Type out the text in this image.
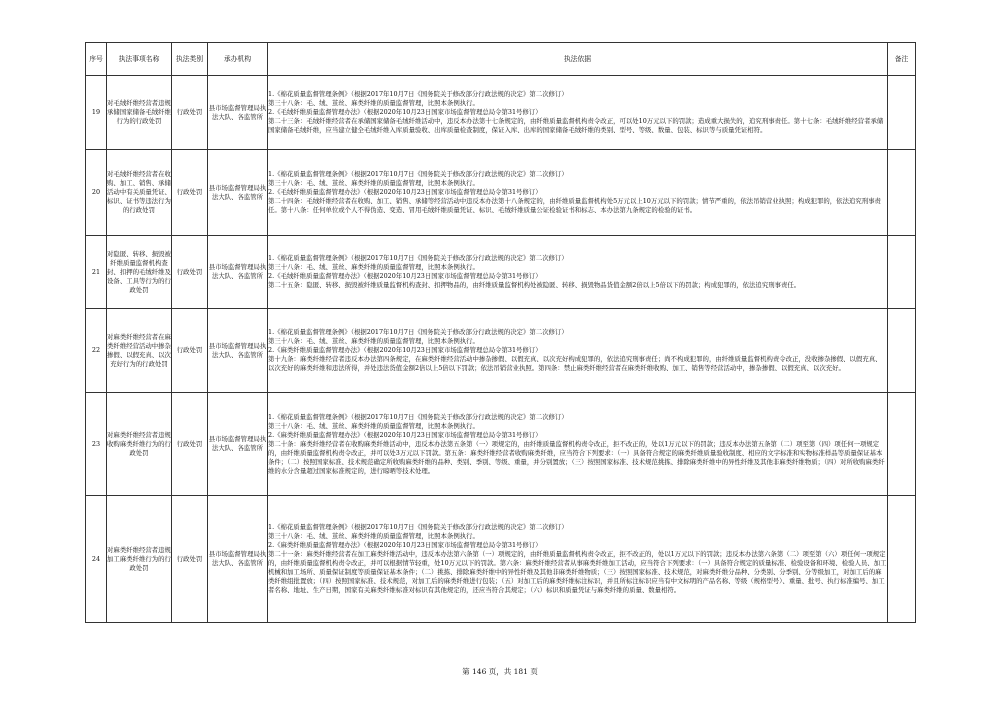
序号	执法事项名称	执法类别	承办机构	执法依据	备注
19	对毛绒纤维经营者违规承储国家储备毛绒纤维行为的行政处罚	行政处罚	县市场监督管理局执法大队、各监管所	1.《棉花质量监督管理条例》（根据2017年10月7日《国务院关于修改部分行政法规的决定》第二次修订）
第三十八条：毛、绒、茧丝、麻类纤维的质量监督管理，比照本条例执行。
2.《毛绒纤维质量监督管理办法》（根据2020年10月23日国家市场监督管理总局令第31号修订）
第二十三条：毛绒纤维经营者在承储国家储备毛绒纤维活动中，违反本办法第十七条规定的，由纤维质量监督机构责令改正，可以处10万元以下的罚款；造成重大损失的，追究刑事责任。第十七条：毛绒纤维经营者承储国家储备毛绒纤维，应当建立健全毛绒纤维入库质量验收、出库质量检查制度，保证入库、出库的国家储备毛绒纤维的类别、型号、等级、数量、包装、标识等与质量凭证相符。	

20	对毛绒纤维经营者在收购、加工、销售、承储活动中有关质量凭证、标识、证书等违法行为的行政处罚	行政处罚	县市场监督管理局执法大队、各监管所	1.《棉花质量监督管理条例》（根据2017年10月7日《国务院关于修改部分行政法规的决定》第二次修订）
第三十八条：毛、绒、茧丝、麻类纤维的质量监督管理，比照本条例执行。
2.《毛绒纤维质量监督管理办法》（根据2020年10月23日国家市场监督管理总局令第31号修订）
第二十四条：毛绒纤维经营者在收购、加工、销售、承储等经营活动中违反本办法第十八条规定的，由纤维质量监督机构处5万元以上10万元以下的罚款；情节严重的，依法吊销营业执照；构成犯罪的，依法追究刑事责任。第十八条：任何单位或个人不得伪造、变造、冒用毛绒纤维质量凭证、标识、毛绒纤维质量公证检验证书和标志、本办法第九条规定的检验的证书。	

21	对隐匿、转移、损毁被纤维质量监督机构查封、扣押的毛绒纤维及设备、工具等行为的行政处罚	行政处罚	县市场监督管理局执法大队、各监管所	1.《棉花质量监督管理条例》（根据2017年10月7日《国务院关于修改部分行政法规的决定》第二次修订）
第三十八条：毛、绒、茧丝、麻类纤维的质量监督管理，比照本条例执行。
2.《毛绒纤维质量监督管理办法》（根据2020年10月23日国家市场监督管理总局令第31号修订）
第二十五条：隐匿、转移、损毁被纤维质量监督机构查封、扣押物品的，由纤维质量监督机构处被隐匿、转移、损毁物品货值金额2倍以上5倍以下的罚款；构成犯罪的，依法追究刑事责任。	

22	对麻类纤维经营者在麻类纤维经营活动中掺杂掺假、以假充真、以次充好行为的行政处罚	行政处罚	县市场监督管理局执法大队、各监管所	1.《棉花质量监督管理条例》（根据2017年10月7日《国务院关于修改部分行政法规的决定》第二次修订）
第三十八条：毛、绒、茧丝、麻类纤维的质量监督管理，比照本条例执行。
2.《麻类纤维质量监督管理办法》（根据2020年10月23日国家市场监督管理总局令第31号修订）
第十九条：麻类纤维经营者违反本办法第四条规定，在麻类纤维经营活动中掺杂掺假、以假充真、以次充好构成犯罪的，依法追究刑事责任；尚不构成犯罪的，由纤维质量监督机构责令改正，没收掺杂掺假、以假充真、以次充好的麻类纤维和违法所得，并处违法货值金额2倍以上5倍以下罚款；依法吊销营业执照。第四条：禁止麻类纤维经营者在麻类纤维收购、加工、销售等经营活动中，掺杂掺假、以假充真、以次充好。	

23	对麻类纤维经营者违规收购麻类纤维行为的行政处罚	行政处罚	县市场监督管理局执法大队、各监管所	1.《棉花质量监督管理条例》（根据2017年10月7日《国务院关于修改部分行政法规的决定》第二次修订）
第三十八条：毛、绒、茧丝、麻类纤维的质量监督管理，比照本条例执行。
2.《麻类纤维质量监督管理办法》（根据2020年10月23日国家市场监督管理总局令第31号修订）
第二十条：麻类纤维经营者在收购麻类纤维活动中，违反本办法第五条第（一）项规定的，由纤维质量监督机构责令改正，拒不改正的，处以1万元以下的罚款；违反本办法第五条第（二）项至第（四）项任何一项规定的，由纤维质量监督机构责令改正，并可以处3万元以下罚款。第五条：麻类纤维经营者收购麻类纤维，应当符合下列要求：（一）具备符合规定的麻类纤维质量验收制度、相应的文字标准和实物标准样品等质量保证基本条件；（二）按照国家标准、技术规范确定所收购麻类纤维的品种、类别、季别、等级、重量，并分别置放；（三）按照国家标准、技术规范挑拣、排除麻类纤维中的异性纤维及其他非麻类纤维物质；（四）对所收购麻类纤维的水分含量超过国家标准规定的，进行晾晒等技术处理。	

24	对麻类纤维经营者违规加工麻类纤维行为的行政处罚	行政处罚	县市场监督管理局执法大队、各监管所	1.《棉花质量监督管理条例》（根据2017年10月7日《国务院关于修改部分行政法规的决定》第二次修订）
第三十八条：毛、绒、茧丝、麻类纤维的质量监督管理，比照本条例执行。
2.《麻类纤维质量监督管理办法》（根据2020年10月23日国家市场监督管理总局令第31号修订）
第二十一条：麻类纤维经营者在加工麻类纤维活动中，违反本办法第六条第（一）项规定的，由纤维质量监督机构责令改正，拒不改正的，处以1万元以下的罚款；违反本办法第六条第（二）项至第（六）项任何一项规定的，由纤维质量监督机构责令改正，并可以根据情节轻重，处10万元以下的罚款。第六条：麻类纤维经营者从事麻类纤维加工活动，应当符合下列要求：（一）具备符合规定的质量标准、检验设备和环境、检验人员、加工机械和加工场所、质量保证制度等质量保证基本条件；（二）挑拣、排除麻类纤维中的异性纤维及其他非麻类纤维物质；（三）按照国家标准、技术规范，对麻类纤维分品种、分类别、分季别、分等级加工，对加工后的麻类纤维组批置放；（四）按照国家标准、技术规范，对加工后的麻类纤维进行包装；（五）对加工后的麻类纤维标注标识，并且所标注标识应当有中文标明的产品名称、等级（规格型号）、重量、批号、执行标准编号、加工者名称、地址、生产日期，国家有关麻类纤维标准对标识有其他规定的，还应当符合其规定；（六）标识和质量凭证与麻类纤维的质量、数量相符。	

第 146 页，共 181 页
